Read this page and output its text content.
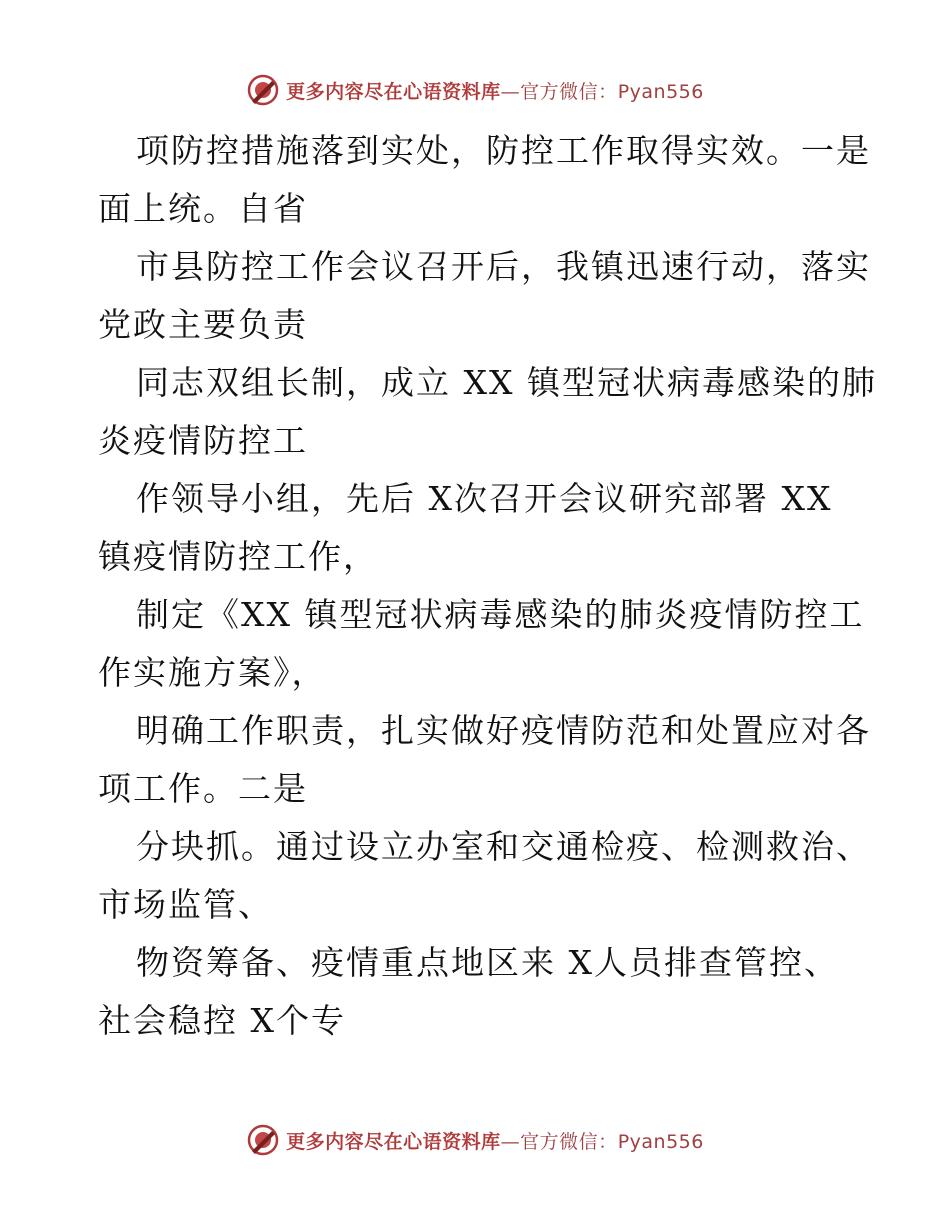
更多内容尽在心语资料库—官方微信：Pyan556
项防控措施落到实处，防控工作取得实效。一是
面上统。自省
市县防控工作会议召开后，我镇迅速行动，落实
党政主要负责
同志双组长制，成立 XX 镇型冠状病毒感染的肺
炎疫情防控工
作领导小组，先后 X次召开会议研究部署 XX
镇疫情防控工作，
制定《XX 镇型冠状病毒感染的肺炎疫情防控工
作实施方案》，
明确工作职责，扎实做好疫情防范和处置应对各
项工作。二是
分块抓。通过设立办室和交通检疫、检测救治、
市场监管、
物资筹备、疫情重点地区来 X人员排查管控、
社会稳控 X个专
更多内容尽在心语资料库—官方微信：Pyan556
